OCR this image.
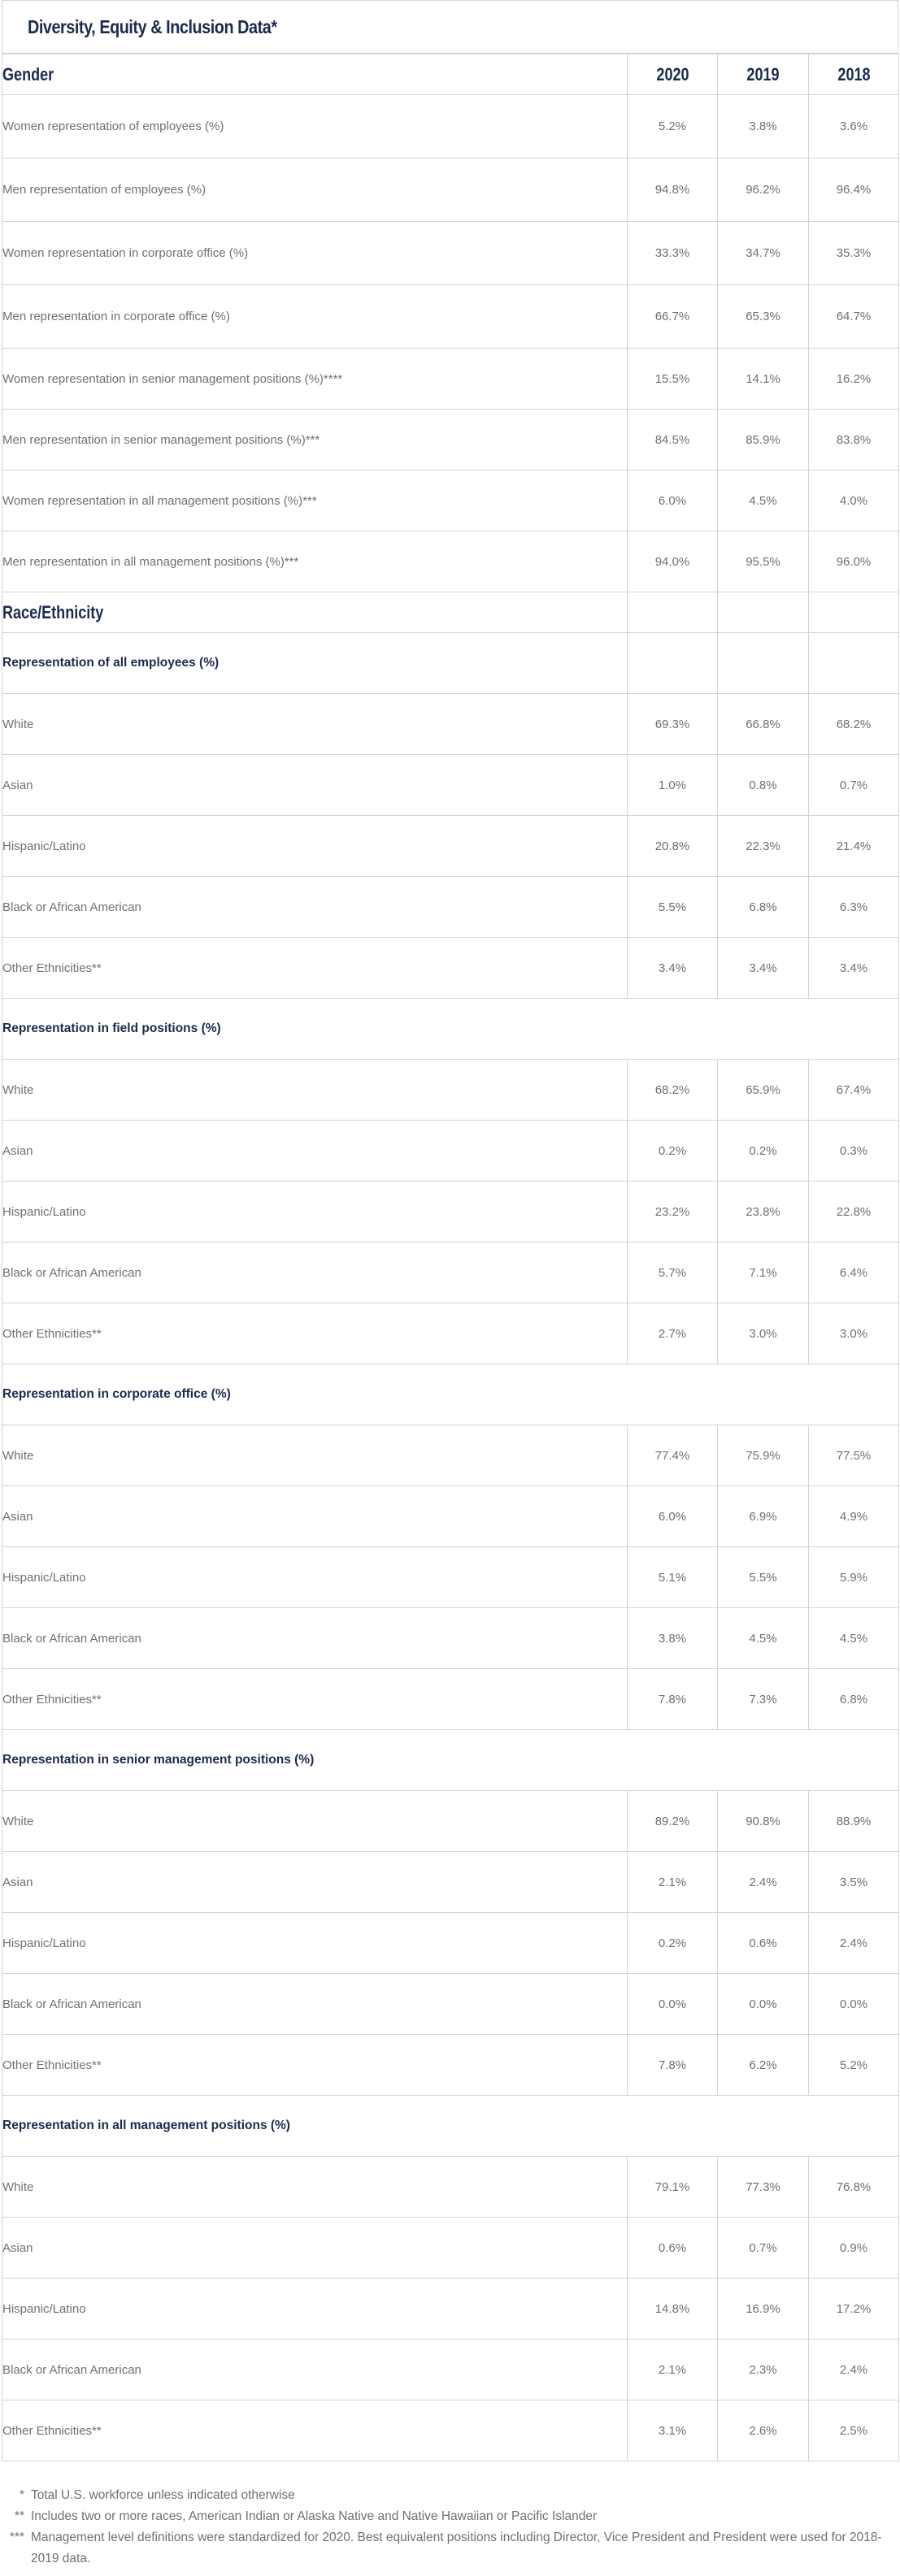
Diversity, Equity & Inclusion Data*
Gender	2020	2019	2018
Women representation of employees (%)	5.2%	3.8%	3.6%
Men representation of employees (%)	94.8%	96.2%	96.4%
Women representation in corporate office (%)	33.3%	34.7%	35.3%
Men representation in corporate office (%)	66.7%	65.3%	64.7%
Women representation in senior management positions (%)****	15.5%	14.1%	16.2%
Men representation in senior management positions (%)***	84.5%	85.9%	83.8%
Women representation in all management positions (%)***	6.0%	4.5%	4.0%
Men representation in all management positions (%)***	94.0%	95.5%	96.0%
Race/Ethnicity			
Representation of all employees (%)			
White	69.3%	66.8%	68.2%
Asian	1.0%	0.8%	0.7%
Hispanic/Latino	20.8%	22.3%	21.4%
Black or African American	5.5%	6.8%	6.3%
Other Ethnicities**	3.4%	3.4%	3.4%
Representation in field positions (%)			
White	68.2%	65.9%	67.4%
Asian	0.2%	0.2%	0.3%
Hispanic/Latino	23.2%	23.8%	22.8%
Black or African American	5.7%	7.1%	6.4%
Other Ethnicities**	2.7%	3.0%	3.0%
Representation in corporate office (%)			
White	77.4%	75.9%	77.5%
Asian	6.0%	6.9%	4.9%
Hispanic/Latino	5.1%	5.5%	5.9%
Black or African American	3.8%	4.5%	4.5%
Other Ethnicities**	7.8%	7.3%	6.8%
Representation in senior management positions (%)			
White	89.2%	90.8%	88.9%
Asian	2.1%	2.4%	3.5%
Hispanic/Latino	0.2%	0.6%	2.4%
Black or African American	0.0%	0.0%	0.0%
Other Ethnicities**	7.8%	6.2%	5.2%
Representation in all management positions (%)			
White	79.1%	77.3%	76.8%
Asian	0.6%	0.7%	0.9%
Hispanic/Latino	14.8%	16.9%	17.2%
Black or African American	2.1%	2.3%	2.4%
Other Ethnicities**	3.1%	2.6%	2.5%
* Total U.S. workforce unless indicated otherwise
** Includes two or more races, American Indian or Alaska Native and Native Hawaiian or Pacific Islander
*** Management level definitions were standardized for 2020. Best equivalent positions including Director, Vice President and President were used for 2018-2019 data.
